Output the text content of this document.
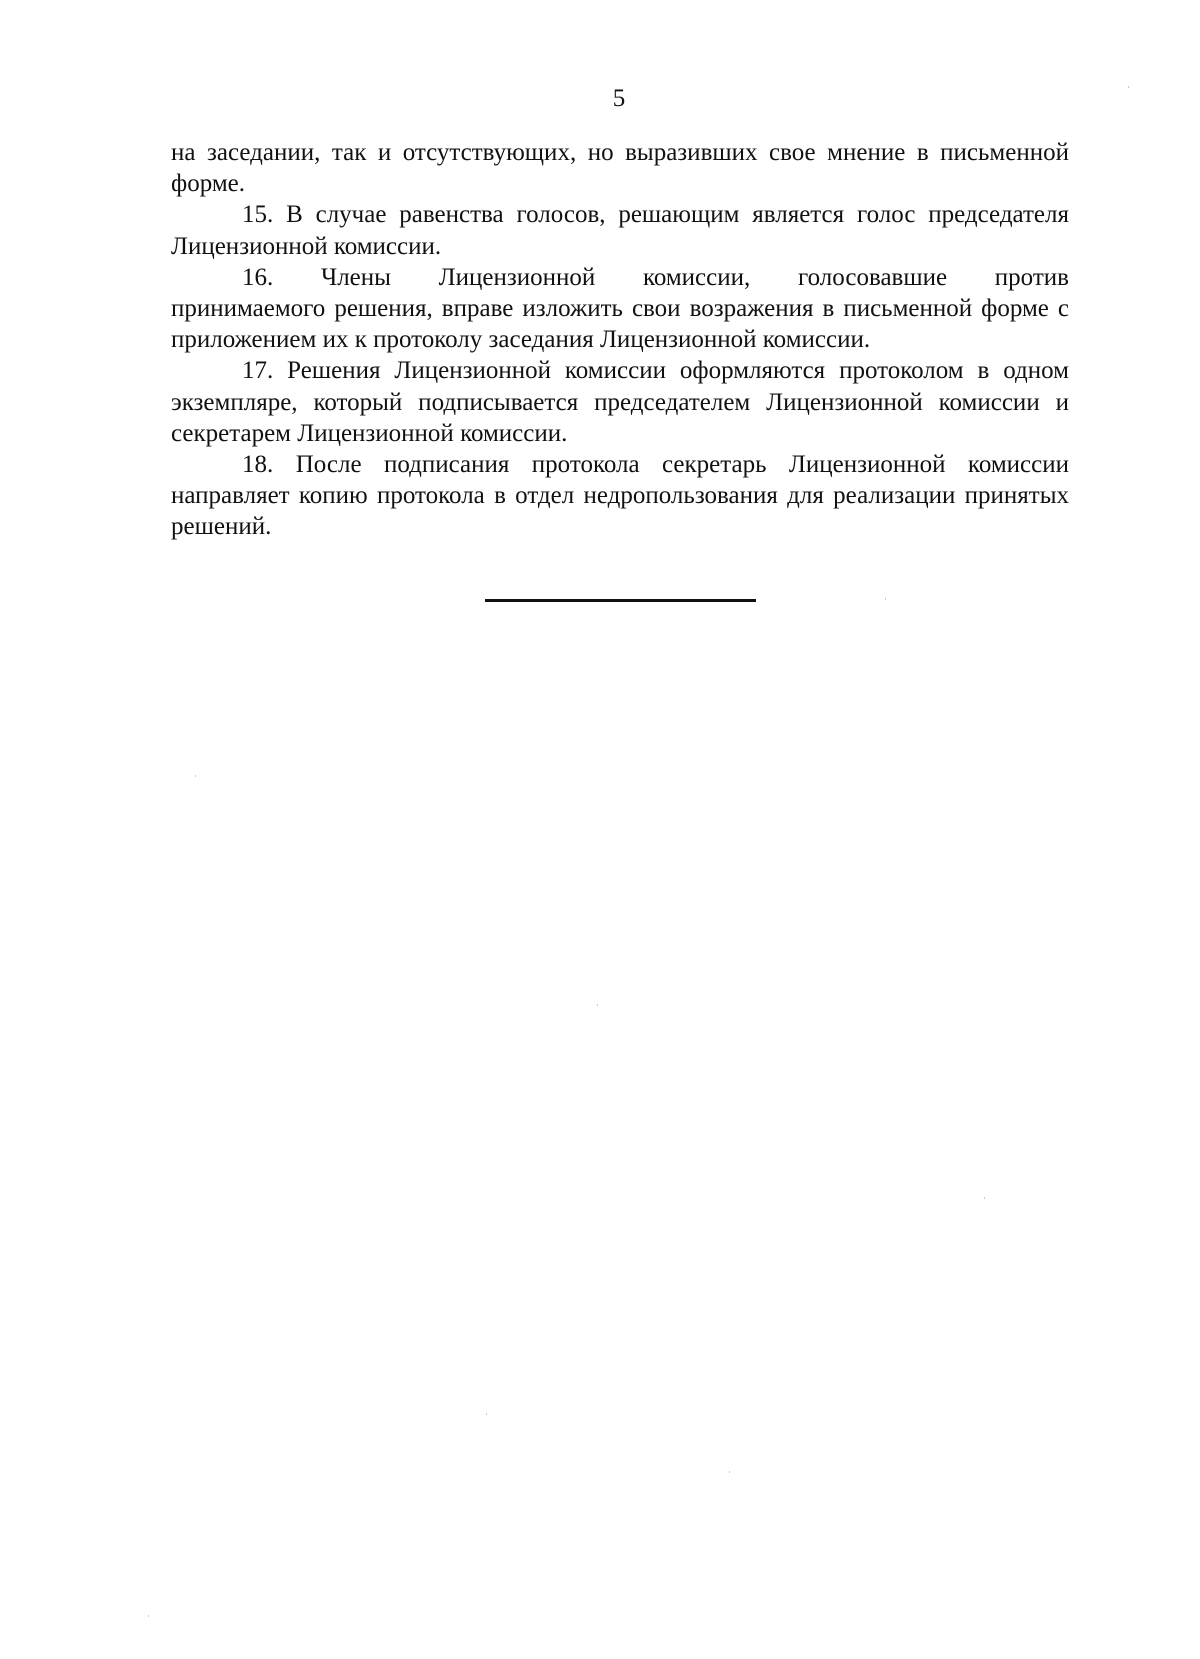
5

на заседании, так и отсутствующих, но выразивших свое мнение в письменной форме.

15. В случае равенства голосов, решающим является голос председателя Лицензионной комиссии.

16. Члены Лицензионной комиссии, голосовавшие против

принимаемого решения, вправе изложить свои возражения в письменной форме с приложением их к протоколу заседания Лицензионной комиссии.

17. Решения Лицензионной комиссии оформляются протоколом в одном экземпляре, который подписывается председателем Лицензионной комиссии и секретарем Лицензионной комиссии.

18. После подписания протокола секретарь Лицензионной комиссии направляет копию протокола в отдел недропользования для реализации принятых решений.
